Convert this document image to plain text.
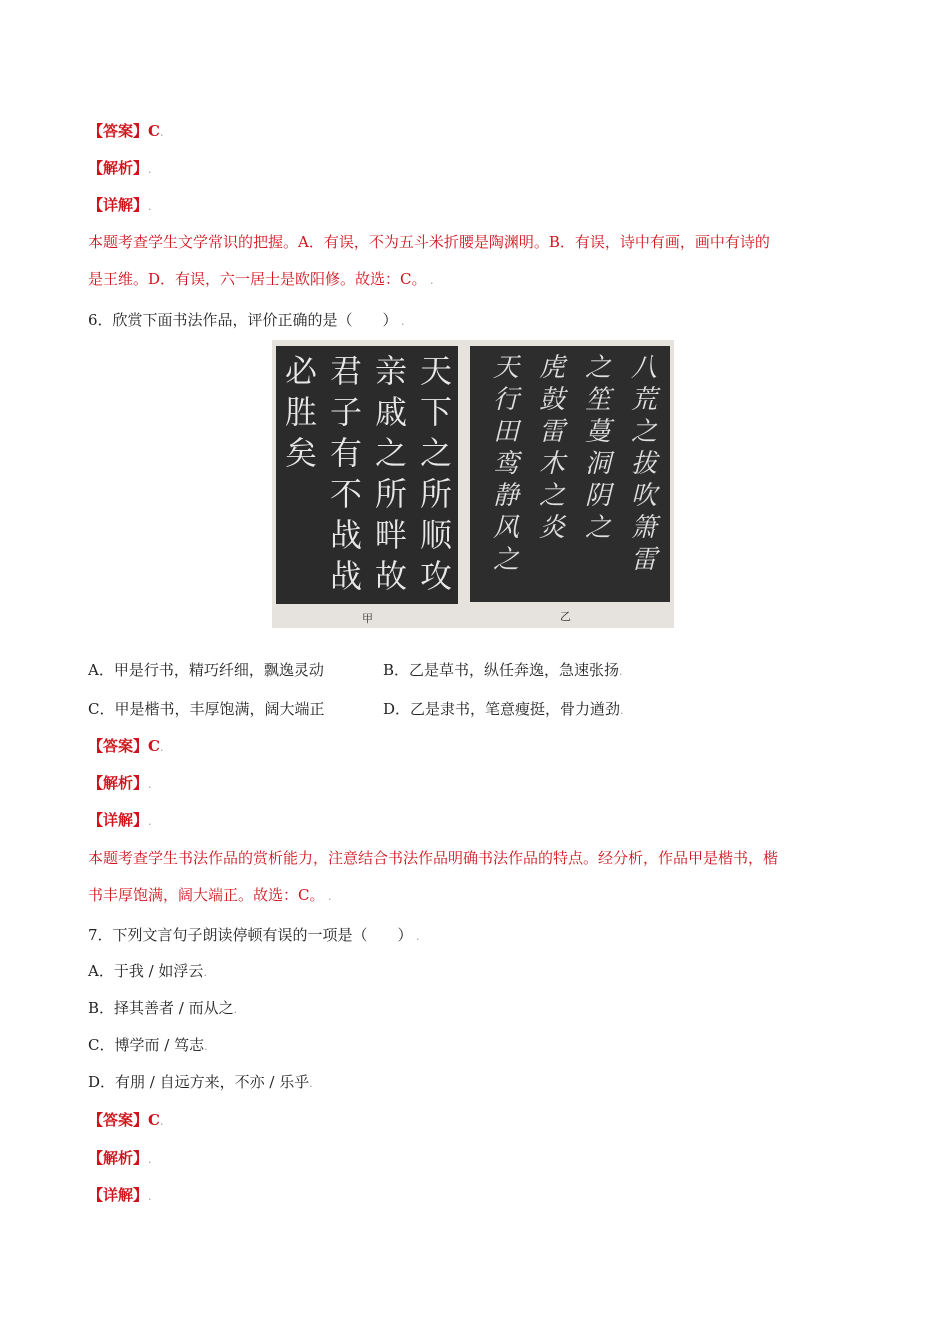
【答案】C.
【解析】.
【详解】.
本题考查学生文学常识的把握。A．有误，不为五斗米折腰是陶渊明。B．有误，诗中有画，画中有诗的
是王维。D．有误，六一居士是欧阳修。故选：C。 .
6．欣赏下面书法作品，评价正确的是（　　） .
天
下
之
所
顺
攻
亲
戚
之
所
畔
故
君
子
有
不
战
战
必
胜
矣
八
荒
之
拔
吹
箫
雷
之
笙
蔓
洞
阴
之
虎
鼓
雷
木
之
炎
天
行
田
鸾
静
风
之
甲	乙
A．甲是行书，精巧纤细，飘逸灵动	B．乙是草书，纵任奔逸，急速张扬.
C．甲是楷书，丰厚饱满，阔大端正	D．乙是隶书，笔意瘦挺，骨力遒劲.
【答案】C.
【解析】.
【详解】.
本题考查学生书法作品的赏析能力，注意结合书法作品明确书法作品的特点。经分析，作品甲是楷书，楷
书丰厚饱满，阔大端正。故选：C。 .
7．下列文言句子朗读停顿有误的一项是（　　） .
A．于我 / 如浮云.
B．择其善者 / 而从之.
C．博学而 / 笃志.
D．有朋 / 自远方来，不亦 / 乐乎.
【答案】C.
【解析】.
【详解】.
